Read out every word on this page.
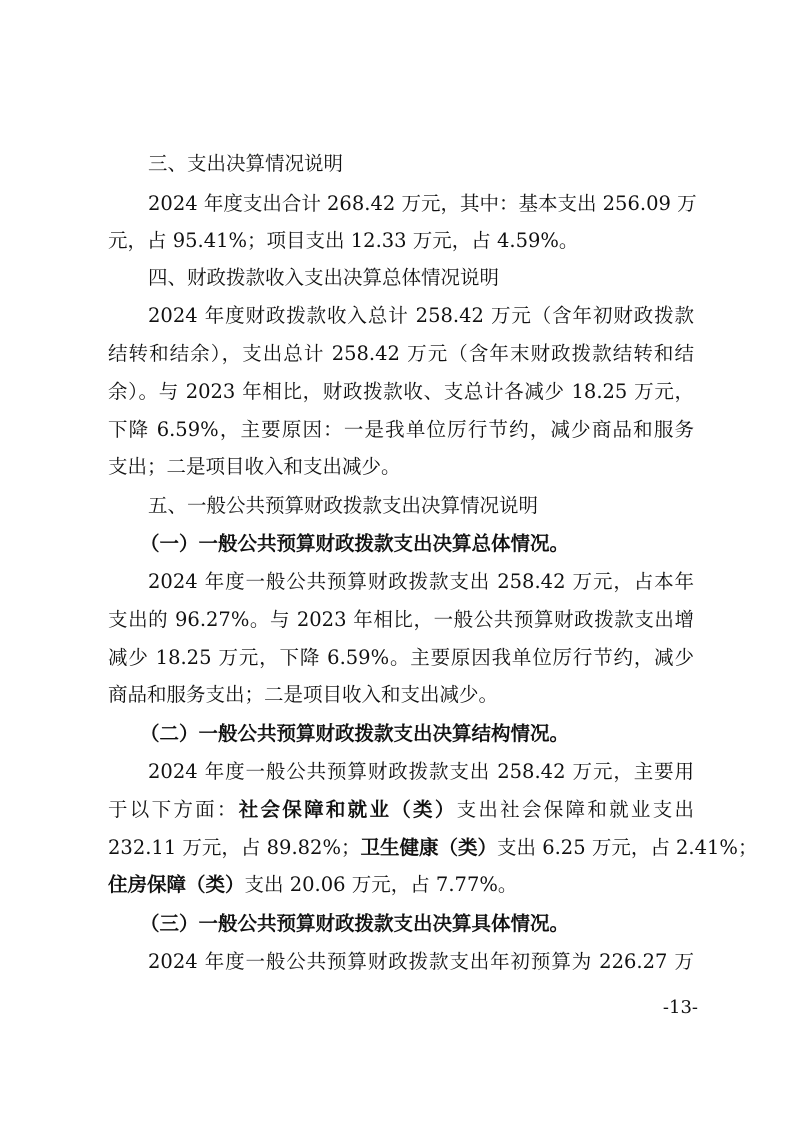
三、支出决算情况说明
2024 年度支出合计 268.42 万元，其中：基本支出 256.09 万
元，占 95.41%；项目支出 12.33 万元，占 4.59%。
四、财政拨款收入支出决算总体情况说明
2024 年度财政拨款收入总计 258.42 万元（含年初财政拨款
结转和结余），支出总计 258.42 万元（含年末财政拨款结转和结
余）。与 2023 年相比，财政拨款收、支总计各减少 18.25 万元，
下降 6.59%，主要原因：一是我单位厉行节约，减少商品和服务
支出；二是项目收入和支出减少。
五、一般公共预算财政拨款支出决算情况说明
（一）一般公共预算财政拨款支出决算总体情况。
2024 年度一般公共预算财政拨款支出 258.42 万元，占本年
支出的 96.27%。与 2023 年相比，一般公共预算财政拨款支出增
减少 18.25 万元，下降 6.59%。主要原因我单位厉行节约，减少
商品和服务支出；二是项目收入和支出减少。
（二）一般公共预算财政拨款支出决算结构情况。
2024 年度一般公共预算财政拨款支出 258.42 万元，主要用
于以下方面：社会保障和就业（类）支出社会保障和就业支出
232.11 万元，占 89.82%；卫生健康（类）支出 6.25 万元，占 2.41%；
住房保障（类）支出 20.06 万元，占 7.77%。
（三）一般公共预算财政拨款支出决算具体情况。
2024 年度一般公共预算财政拨款支出年初预算为 226.27 万
-13-
